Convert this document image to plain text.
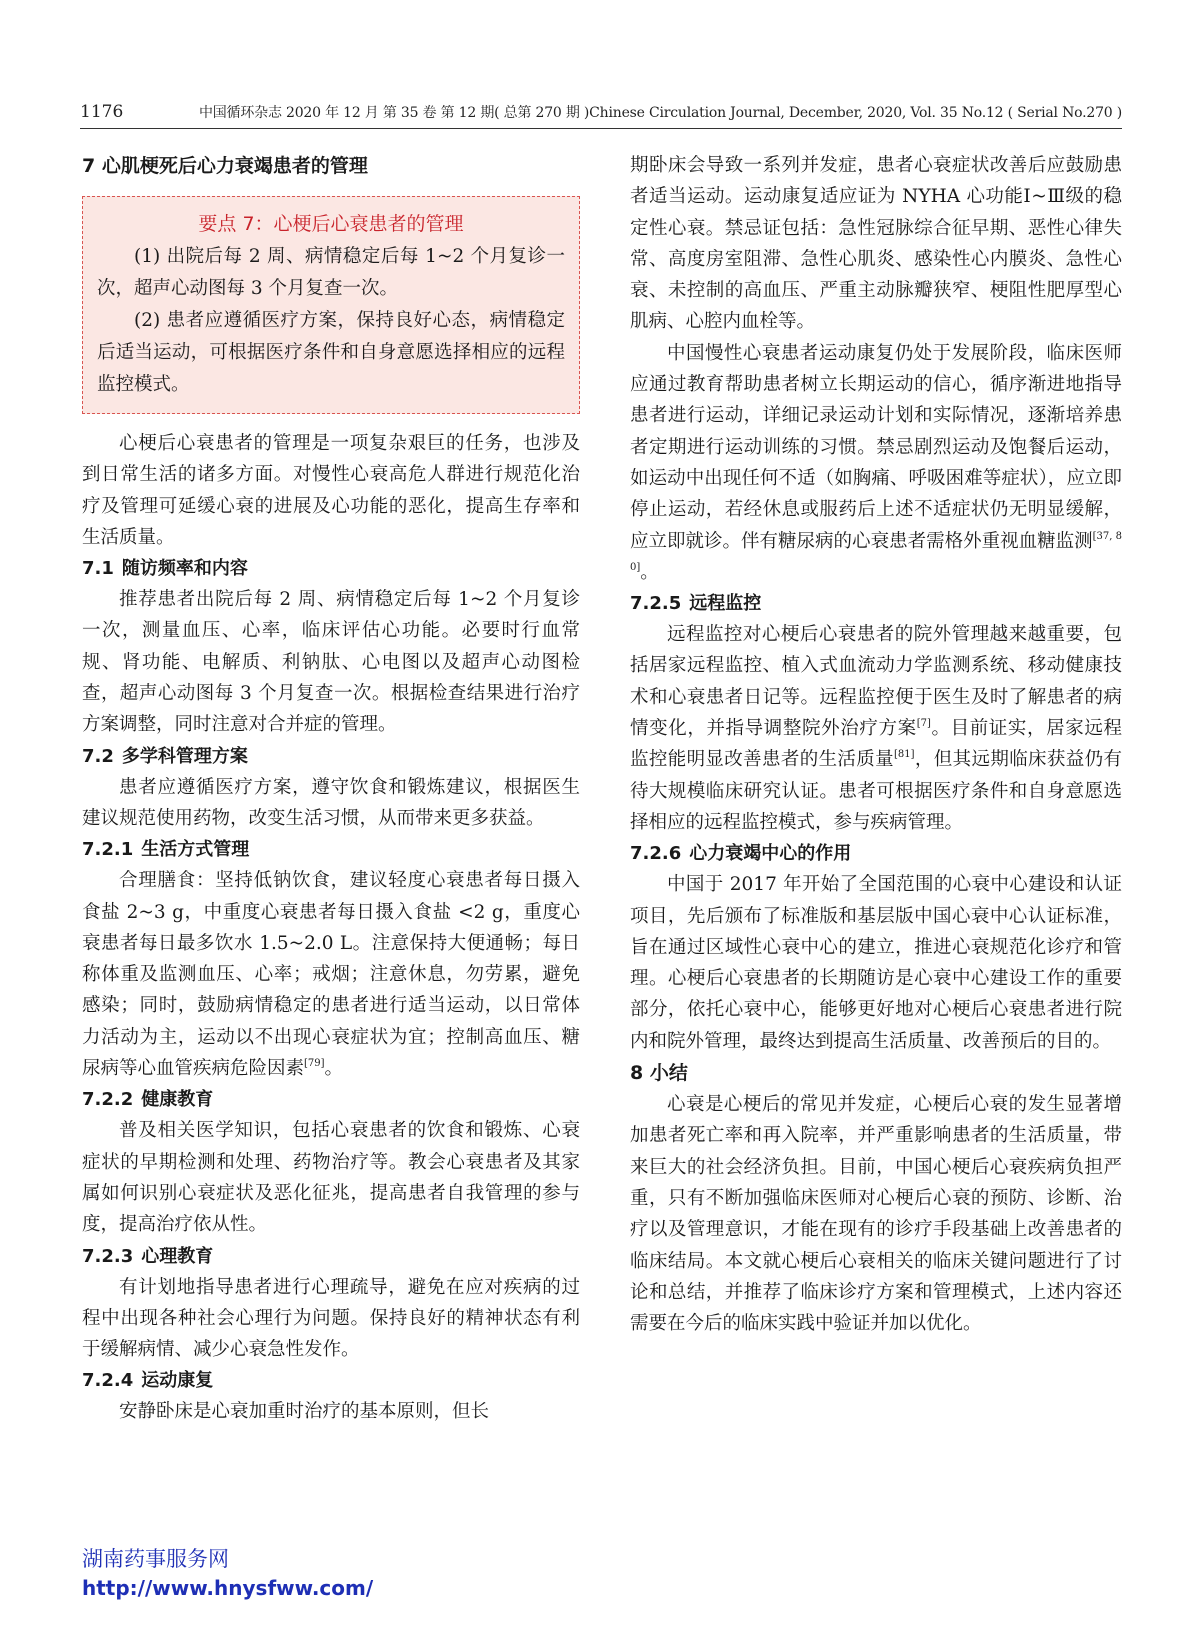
1176	中国循环杂志 2020 年 12 月 第 35 卷 第 12 期( 总第 270 期 )Chinese Circulation Journal, December, 2020, Vol. 35 No.12 ( Serial No.270 )
7 心肌梗死后心力衰竭患者的管理
要点 7：心梗后心衰患者的管理

(1) 出院后每 2 周、病情稳定后每 1~2 个月复诊一次，超声心动图每 3 个月复查一次。

(2) 患者应遵循医疗方案，保持良好心态，病情稳定后适当运动，可根据医疗条件和自身意愿选择相应的远程监控模式。

心梗后心衰患者的管理是一项复杂艰巨的任务，也涉及到日常生活的诸多方面。对慢性心衰高危人群进行规范化治疗及管理可延缓心衰的进展及心功能的恶化，提高生存率和生活质量。

7.1 随访频率和内容

推荐患者出院后每 2 周、病情稳定后每 1~2 个月复诊一次，测量血压、心率，临床评估心功能。必要时行血常规、肾功能、电解质、利钠肽、心电图以及超声心动图检查，超声心动图每 3 个月复查一次。根据检查结果进行治疗方案调整，同时注意对合并症的管理。

7.2 多学科管理方案

患者应遵循医疗方案，遵守饮食和锻炼建议，根据医生建议规范使用药物，改变生活习惯，从而带来更多获益。

7.2.1 生活方式管理

合理膳食：坚持低钠饮食，建议轻度心衰患者每日摄入食盐 2~3 g，中重度心衰患者每日摄入食盐 <2 g，重度心衰患者每日最多饮水 1.5~2.0 L。注意保持大便通畅；每日称体重及监测血压、心率；戒烟；注意休息，勿劳累，避免感染；同时，鼓励病情稳定的患者进行适当运动，以日常体力活动为主，运动以不出现心衰症状为宜；控制高血压、糖尿病等心血管疾病危险因素[79]。

7.2.2 健康教育

普及相关医学知识，包括心衰患者的饮食和锻炼、心衰症状的早期检测和处理、药物治疗等。教会心衰患者及其家属如何识别心衰症状及恶化征兆，提高患者自我管理的参与度，提高治疗依从性。

7.2.3 心理教育

有计划地指导患者进行心理疏导，避免在应对疾病的过程中出现各种社会心理行为问题。保持良好的精神状态有利于缓解病情、减少心衰急性发作。

7.2.4 运动康复

安静卧床是心衰加重时治疗的基本原则，但长

期卧床会导致一系列并发症，患者心衰症状改善后应鼓励患者适当运动。运动康复适应证为 NYHA 心功能Ⅰ~Ⅲ级的稳定性心衰。禁忌证包括：急性冠脉综合征早期、恶性心律失常、高度房室阻滞、急性心肌炎、感染性心内膜炎、急性心衰、未控制的高血压、严重主动脉瓣狭窄、梗阻性肥厚型心肌病、心腔内血栓等。

中国慢性心衰患者运动康复仍处于发展阶段，临床医师应通过教育帮助患者树立长期运动的信心，循序渐进地指导患者进行运动，详细记录运动计划和实际情况，逐渐培养患者定期进行运动训练的习惯。禁忌剧烈运动及饱餐后运动，如运动中出现任何不适（如胸痛、呼吸困难等症状），应立即停止运动，若经休息或服药后上述不适症状仍无明显缓解，应立即就诊。伴有糖尿病的心衰患者需格外重视血糖监测[37, 80]。

7.2.5 远程监控

远程监控对心梗后心衰患者的院外管理越来越重要，包括居家远程监控、植入式血流动力学监测系统、移动健康技术和心衰患者日记等。远程监控便于医生及时了解患者的病情变化，并指导调整院外治疗方案[7]。目前证实，居家远程监控能明显改善患者的生活质量[81]，但其远期临床获益仍有待大规模临床研究认证。患者可根据医疗条件和自身意愿选择相应的远程监控模式，参与疾病管理。

7.2.6 心力衰竭中心的作用

中国于 2017 年开始了全国范围的心衰中心建设和认证项目，先后颁布了标准版和基层版中国心衰中心认证标准，旨在通过区域性心衰中心的建立，推进心衰规范化诊疗和管理。心梗后心衰患者的长期随访是心衰中心建设工作的重要部分，依托心衰中心，能够更好地对心梗后心衰患者进行院内和院外管理，最终达到提高生活质量、改善预后的目的。

8 小结

心衰是心梗后的常见并发症，心梗后心衰的发生显著增加患者死亡率和再入院率，并严重影响患者的生活质量，带来巨大的社会经济负担。目前，中国心梗后心衰疾病负担严重，只有不断加强临床医师对心梗后心衰的预防、诊断、治疗以及管理意识，才能在现有的诊疗手段基础上改善患者的临床结局。本文就心梗后心衰相关的临床关键问题进行了讨论和总结，并推荐了临床诊疗方案和管理模式，上述内容还需要在今后的临床实践中验证并加以优化。

湖南药事服务网
http://www.hnysfww.com/
